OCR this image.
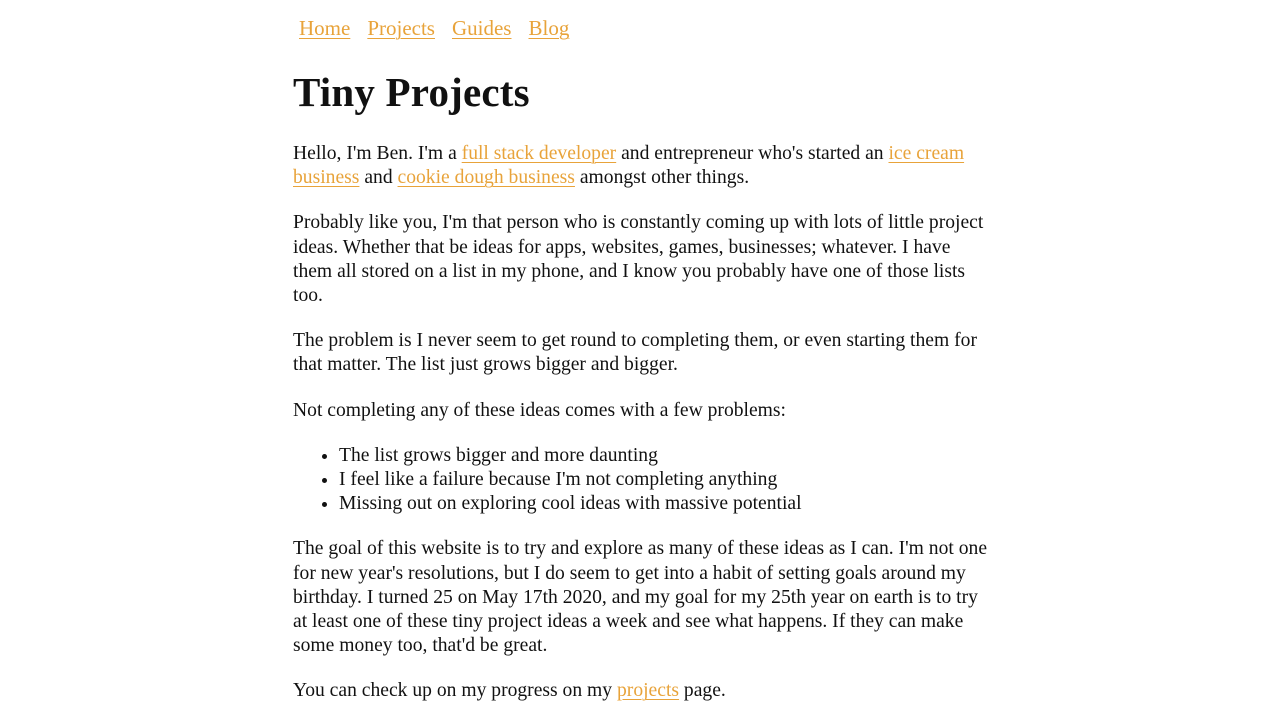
Home Projects Guides Blog
Tiny Projects

Hello, I'm Ben. I'm a full stack developer and entrepreneur who's started an ice cream business and cookie dough business amongst other things.

Probably like you, I'm that person who is constantly coming up with lots of little project ideas. Whether that be ideas for apps, websites, games, businesses; whatever. I have them all stored on a list in my phone, and I know you probably have one of those lists too.

The problem is I never seem to get round to completing them, or even starting them for that matter. The list just grows bigger and bigger.

Not completing any of these ideas comes with a few problems:

• The list grows bigger and more daunting
• I feel like a failure because I'm not completing anything
• Missing out on exploring cool ideas with massive potential

The goal of this website is to try and explore as many of these ideas as I can. I'm not one for new year's resolutions, but I do seem to get into a habit of setting goals around my birthday. I turned 25 on May 17th 2020, and my goal for my 25th year on earth is to try at least one of these tiny project ideas a week and see what happens. If they can make some money too, that'd be great.

You can check up on my progress on my projects page.
